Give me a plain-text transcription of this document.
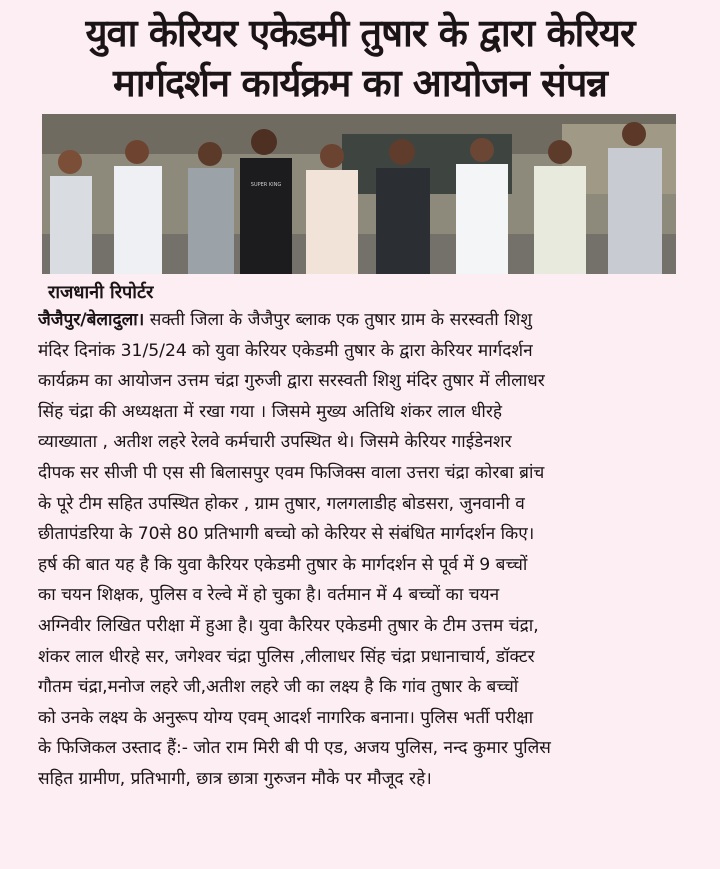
युवा केरियर एकेडमी तुषार के द्वारा केरियर
मार्गदर्शन कार्यक्रम का आयोजन संपन्न
SUPER KING
राजधानी रिपोर्टर
जैजैपुर/बेलादुला। सक्ती जिला के जैजैपुर ब्लाक एक तुषार ग्राम के सरस्वती शिशु
मंदिर दिनांक 31/5/24 को युवा केरियर एकेडमी तुषार के द्वारा केरियर मार्गदर्शन
कार्यक्रम का आयोजन उत्तम चंद्रा गुरुजी द्वारा सरस्वती शिशु मंदिर तुषार में लीलाधर
सिंह चंद्रा की अध्यक्षता में रखा गया । जिसमे मुख्य अतिथि शंकर लाल धीरहे
व्याख्याता , अतीश लहरे रेलवे कर्मचारी उपस्थित थे। जिसमे केरियर गाईडेनशर
दीपक सर सीजी पी एस सी बिलासपुर एवम फिजिक्स वाला उत्तरा चंद्रा कोरबा ब्रांच
के पूरे टीम सहित उपस्थित होकर , ग्राम तुषार, गलगलाडीह बोडसरा, जुनवानी व
छीतापंडरिया के 70से 80 प्रतिभागी बच्चो को केरियर से संबंधित मार्गदर्शन किए।
हर्ष की बात यह है कि युवा कैरियर एकेडमी तुषार के मार्गदर्शन से पूर्व में 9 बच्चों
का चयन शिक्षक, पुलिस व रेल्वे में हो चुका है। वर्तमान में 4 बच्चों का चयन
अग्निवीर लिखित परीक्षा में हुआ है। युवा कैरियर एकेडमी तुषार के टीम उत्तम चंद्रा,
शंकर लाल धीरहे सर, जगेश्वर चंद्रा पुलिस ,लीलाधर सिंह चंद्रा प्रधानाचार्य, डॉक्टर
गौतम चंद्रा,मनोज लहरे जी,अतीश लहरे जी का लक्ष्य है कि गांव तुषार के बच्चों
को उनके लक्ष्य के अनुरूप योग्य एवम् आदर्श नागरिक बनाना। पुलिस भर्ती परीक्षा
के फिजिकल उस्ताद हैं:- जोत राम मिरी बी पी एड, अजय पुलिस, नन्द कुमार पुलिस
सहित ग्रामीण, प्रतिभागी, छात्र छात्रा गुरुजन मौके पर मौजूद रहे।
